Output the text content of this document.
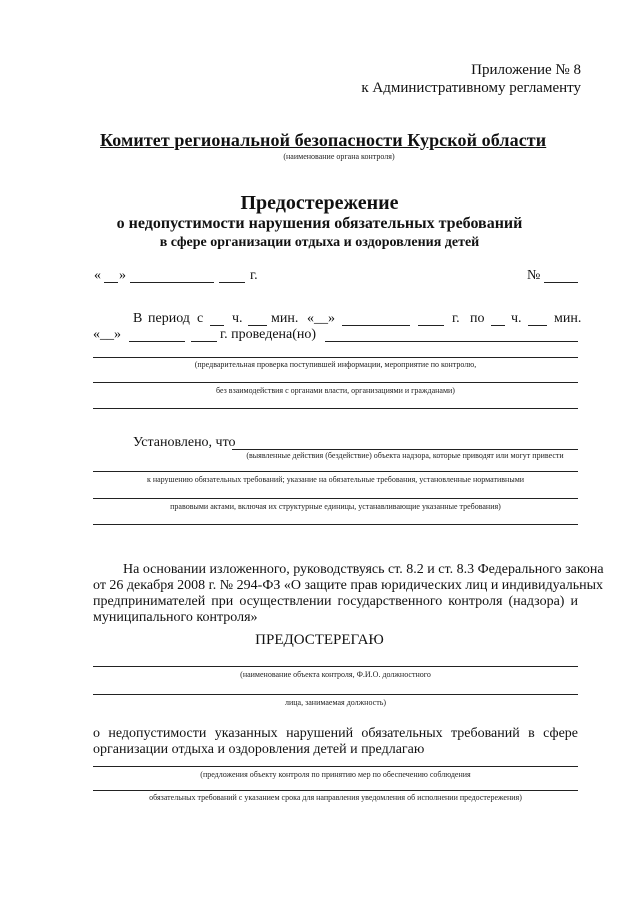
Приложение № 8
к Административному регламенту
Комитет региональной безопасности Курской области
(наименование органа контроля)
Предостережение
о недопустимости нарушения обязательных требований
в сфере организации отдыха и оздоровления детей
« »	г.	№
В период с ч. мин. «__»	г. по ч. мин.
«__»	г. проведена(но)
(предварительная проверка поступившей информации, мероприятие по контролю,
без взаимодействия с органами власти, организациями и гражданами)
Установлено, что
(выявленные действия (бездействие) объекта надзора, которые приводят или могут привести
к нарушению обязательных требований; указание на обязательные требования, установленные нормативными
правовыми актами, включая их структурные единицы, устанавливающие указанные требования)
На основании изложенного, руководствуясь ст. 8.2 и ст. 8.3 Федерального закона
от 26 декабря 2008 г. № 294-ФЗ «О защите прав юридических лиц и индивидуальных
предпринимателей при осуществлении государственного контроля (надзора) и
муниципального контроля»
ПРЕДОСТЕРЕГАЮ
(наименование объекта контроля, Ф.И.О. должностного
лица, занимаемая должность)
о недопустимости указанных нарушений обязательных требований в сфере
организации отдыха и оздоровления детей и предлагаю
(предложения объекту контроля по принятию мер по обеспечению соблюдения
обязательных требований с указанием срока для направления уведомления об исполнении предостережения)
